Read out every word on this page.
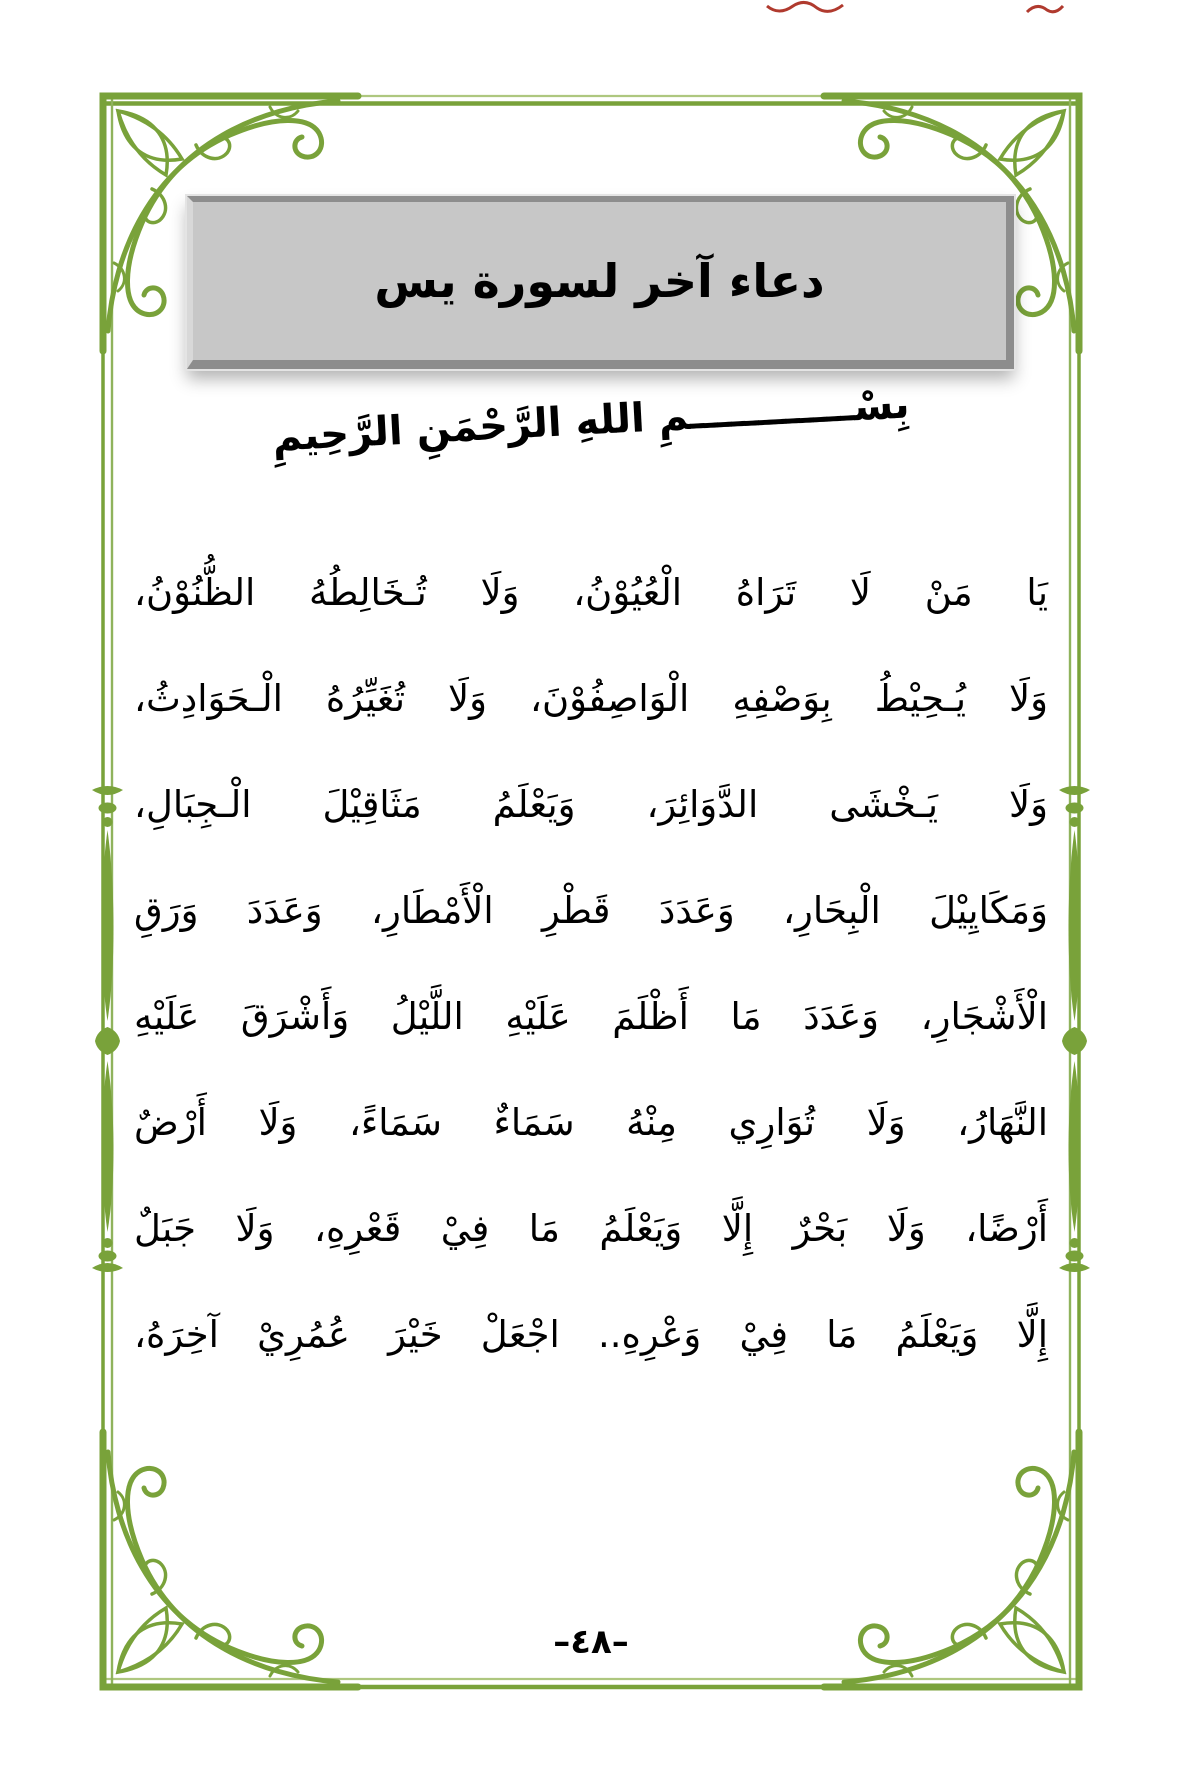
دعاء آخر لسورة يس
بِسْــــــــــــمِ اللهِ الرَّحْمَنِ الرَّحِيمِ
يَا مَنْ لَا تَرَاهُ الْعُيُوْنُ، وَلَا تُـخَالِطُهُ الظُّنُوْنُ،
وَلَا يُـحِيْطُ بِوَصْفِهِ الْوَاصِفُوْنَ، وَلَا تُغَيِّرُهُ الْـحَوَادِثُ،
وَلَا يَـخْشَى الدَّوَائِرَ، وَيَعْلَمُ مَثَاقِيْلَ الْـجِبَالِ،
وَمَكَايِيْلَ الْبِحَارِ، وَعَدَدَ قَطْرِ الْأَمْطَارِ، وَعَدَدَ وَرَقِ
الْأَشْجَارِ، وَعَدَدَ مَا أَظْلَمَ عَلَيْهِ اللَّيْلُ وَأَشْرَقَ عَلَيْهِ
النَّهَارُ، وَلَا تُوَارِي مِنْهُ سَمَاءٌ سَمَاءً، وَلَا أَرْضٌ
أَرْضًا، وَلَا بَحْرٌ إِلَّا وَيَعْلَمُ مَا فِيْ قَعْرِهِ، وَلَا جَبَلٌ
إِلَّا وَيَعْلَمُ مَا فِيْ وَعْرِهِ.. اجْعَلْ خَيْرَ عُمُرِيْ آخِرَهُ،
–٤٨–
